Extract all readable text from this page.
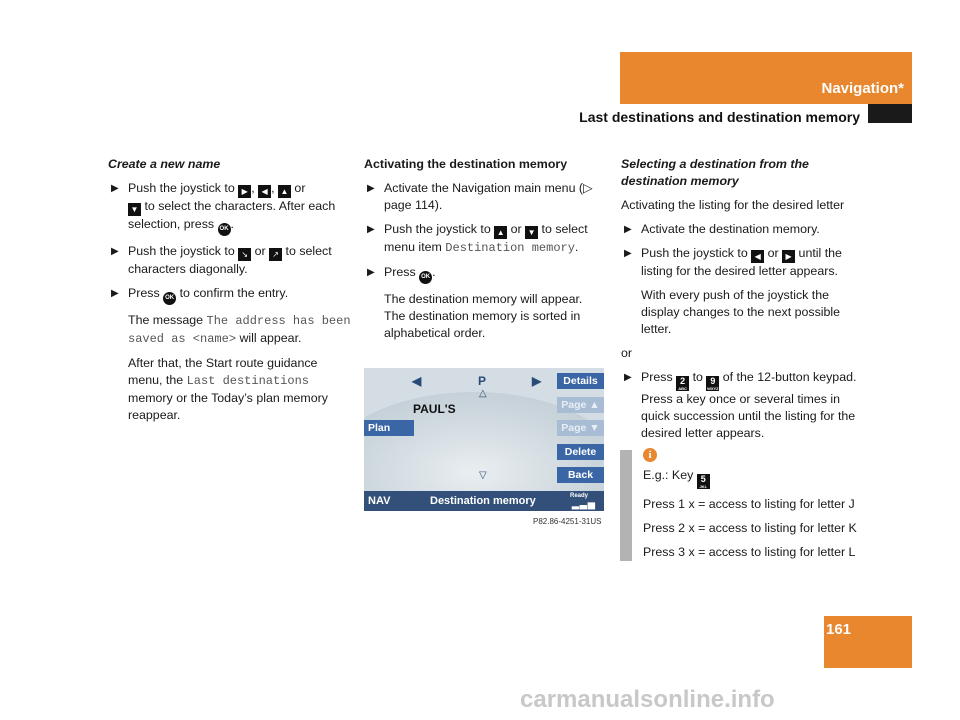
Navigation*
Last destinations and destination memory

Create a new name

▶ Push the joystick to ▶ , ◀ , ▲ or
▼ to select the characters. After each selection, press OK .
▶ Push the joystick to ↘ or ↗ to select characters diagonally.
▶ Press OK to confirm the entry.

The message The address has been saved as <name> will appear.

After that, the Start route guidance menu, the Last destinations memory or the Today’s plan memory reappear.

Activating the destination memory

▶ Activate the Navigation main menu (▷ page 114).
▶ Push the joystick to ▲ or ▼ to select menu item Destination memory.
▶ Press OK .

The destination memory will appear. The destination memory is sorted in alphabetical order.

◀	P	▶
△
▽
PAUL'S
Plan
Details
Page ▲
Page ▼
Delete
Back
NAV	Destination memory	Ready
▂▃▅
P82.86-4251-31US

Selecting a destination from the destination memory

Activating the listing for the desired letter

▶ Activate the destination memory.
▶ Push the joystick to ◀ or ▶ until the listing for the desired letter appears.

With every push of the joystick the display changes to the next possible letter.

or

▶ Press 2
ABC
to 9
WXYZ
of the 12-button keypad. Press a key once or several times in quick succession until the listing for the desired letter appears.
i

E.g.: Key 5
JKL

Press 1 x = access to listing for letter J

Press 2 x = access to listing for letter K

Press 3 x = access to listing for letter L

161
carmanualsonline.info
